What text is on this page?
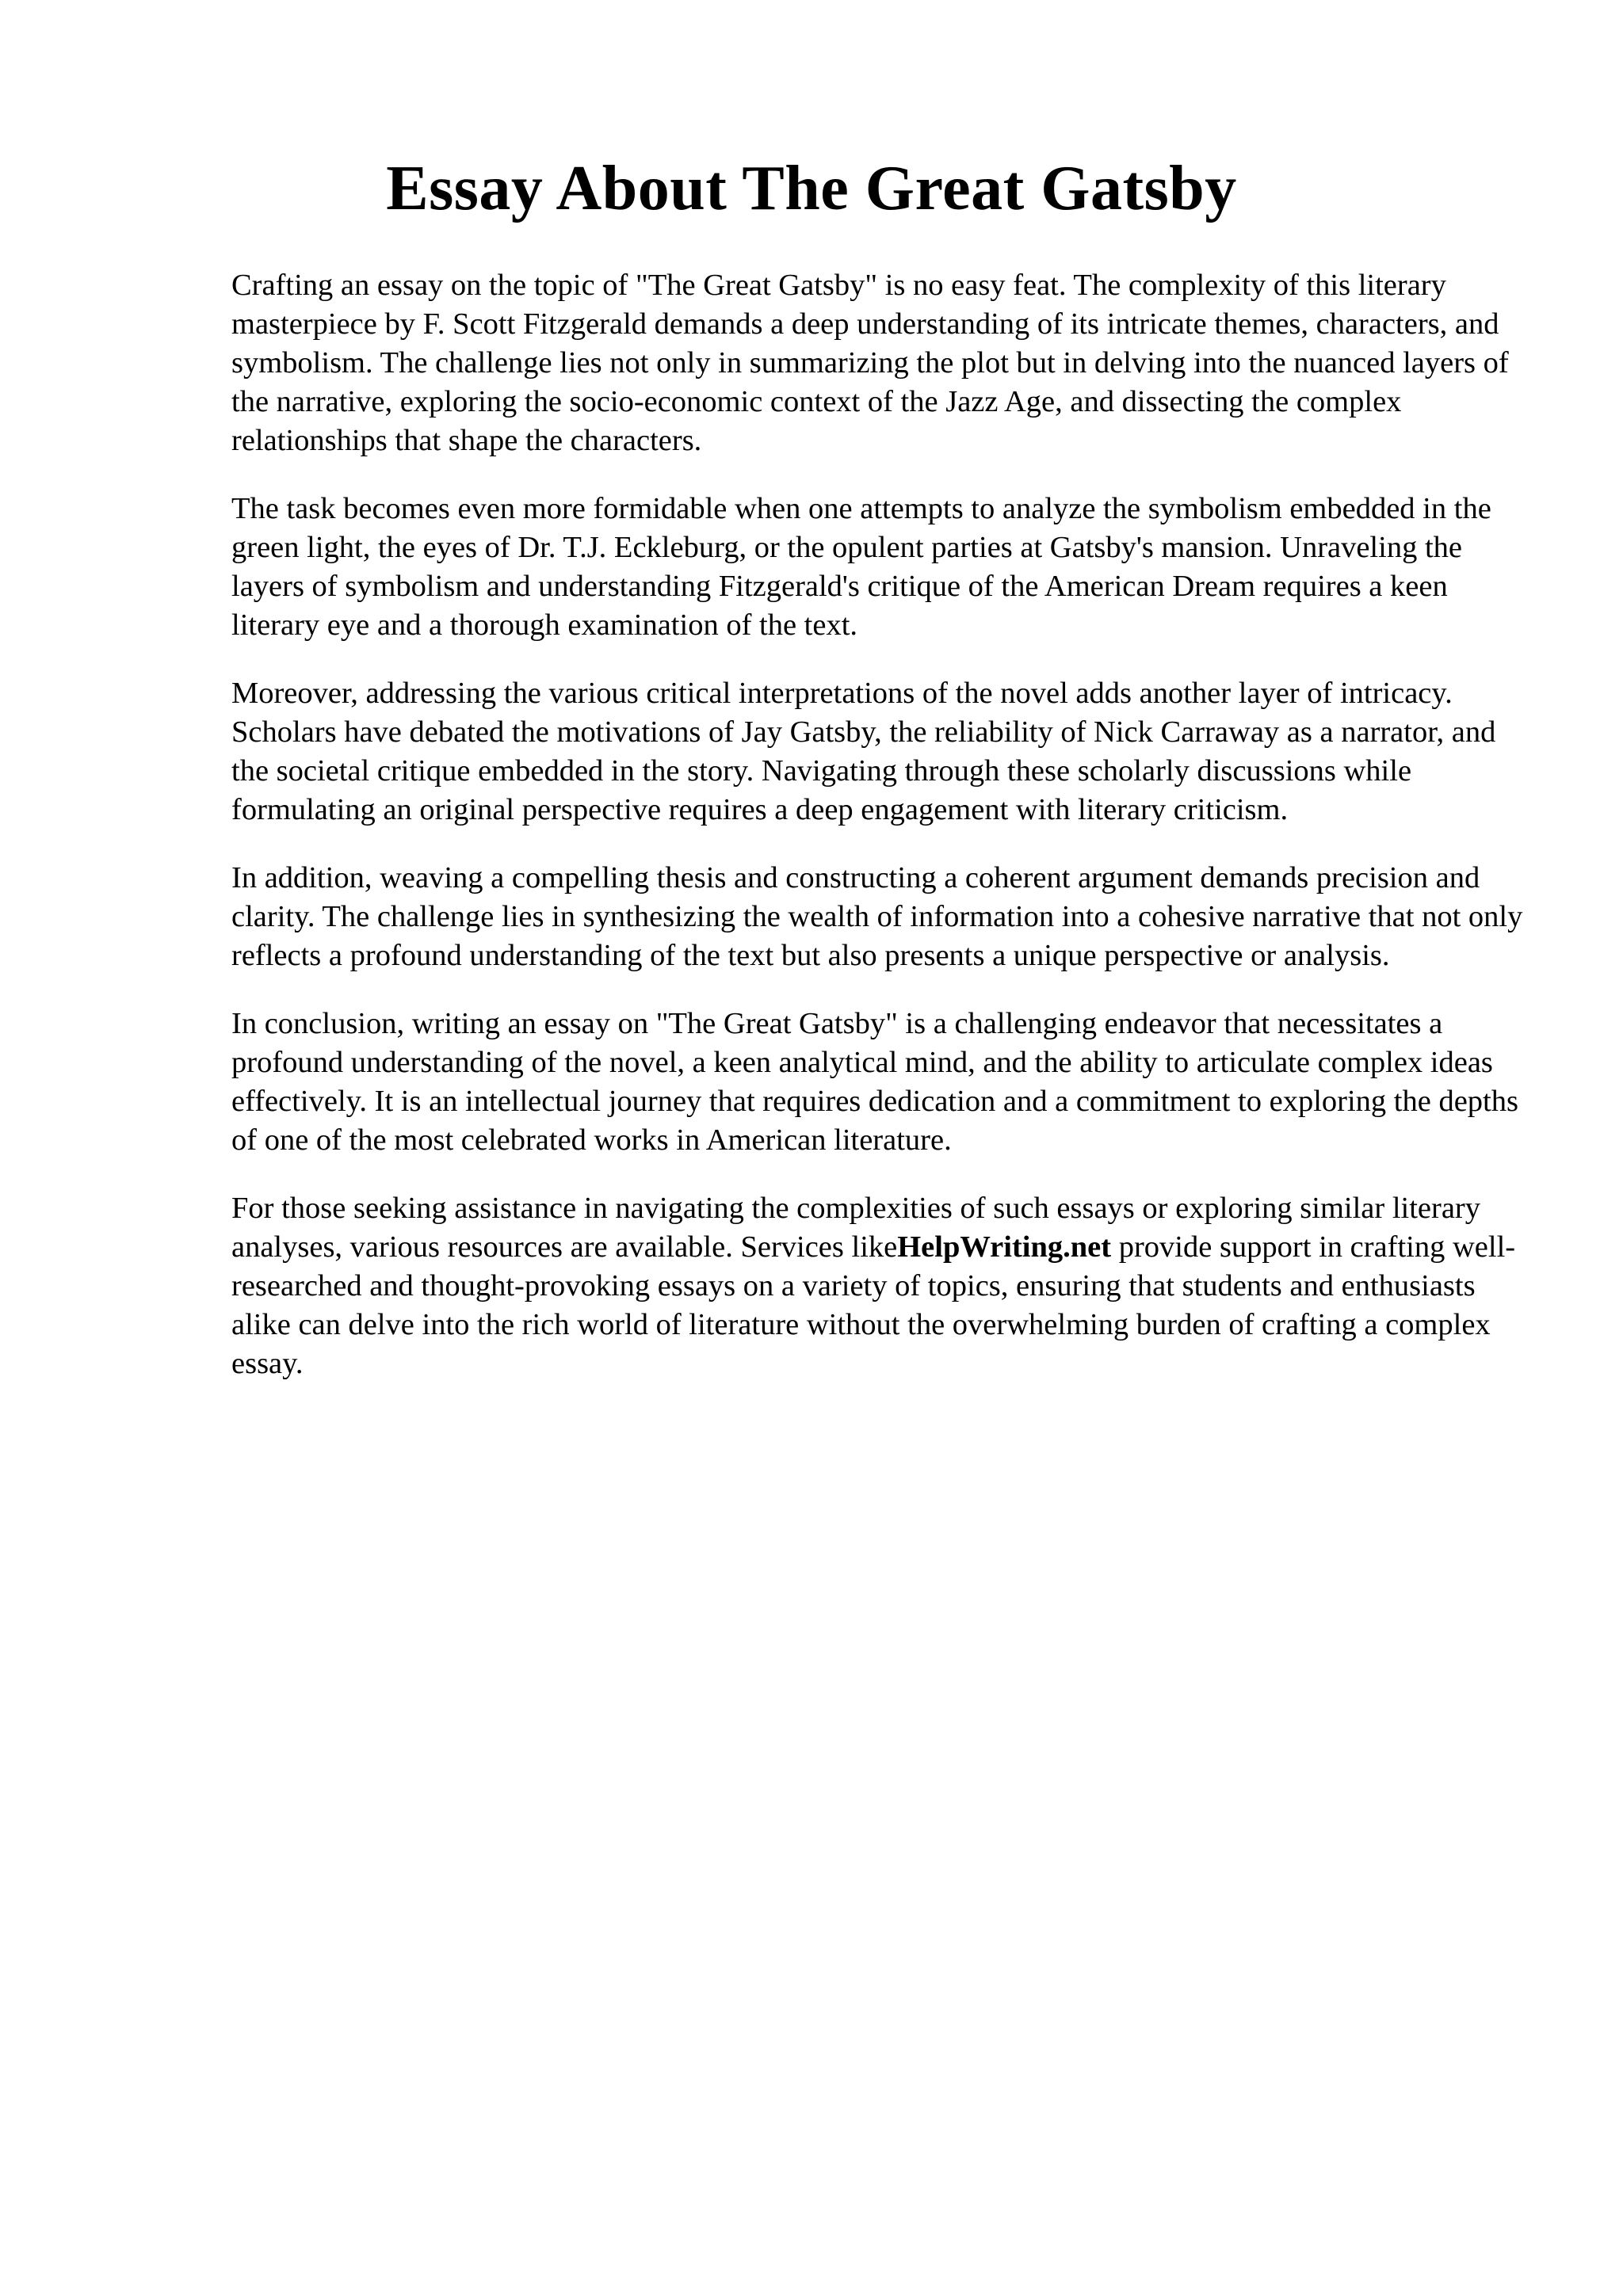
Essay About The Great Gatsby

Crafting an essay on the topic of "The Great Gatsby" is no easy feat. The complexity of this literary masterpiece by F. Scott Fitzgerald demands a deep understanding of its intricate themes, characters, and symbolism. The challenge lies not only in summarizing the plot but in delving into the nuanced layers of the narrative, exploring the socio-economic context of the Jazz Age, and dissecting the complex relationships that shape the characters.

The task becomes even more formidable when one attempts to analyze the symbolism embedded in the green light, the eyes of Dr. T.J. Eckleburg, or the opulent parties at Gatsby's mansion. Unraveling the layers of symbolism and understanding Fitzgerald's critique of the American Dream requires a keen literary eye and a thorough examination of the text.

Moreover, addressing the various critical interpretations of the novel adds another layer of intricacy. Scholars have debated the motivations of Jay Gatsby, the reliability of Nick Carraway as a narrator, and the societal critique embedded in the story. Navigating through these scholarly discussions while formulating an original perspective requires a deep engagement with literary criticism.

In addition, weaving a compelling thesis and constructing a coherent argument demands precision and clarity. The challenge lies in synthesizing the wealth of information into a cohesive narrative that not only reflects a profound understanding of the text but also presents a unique perspective or analysis.

In conclusion, writing an essay on "The Great Gatsby" is a challenging endeavor that necessitates a profound understanding of the novel, a keen analytical mind, and the ability to articulate complex ideas effectively. It is an intellectual journey that requires dedication and a commitment to exploring the depths of one of the most celebrated works in American literature.

For those seeking assistance in navigating the complexities of such essays or exploring similar literary analyses, various resources are available. Services likeHelpWriting.net provide support in crafting well-researched and thought-provoking essays on a variety of topics, ensuring that students and enthusiasts alike can delve into the rich world of literature without the overwhelming burden of crafting a complex essay.
